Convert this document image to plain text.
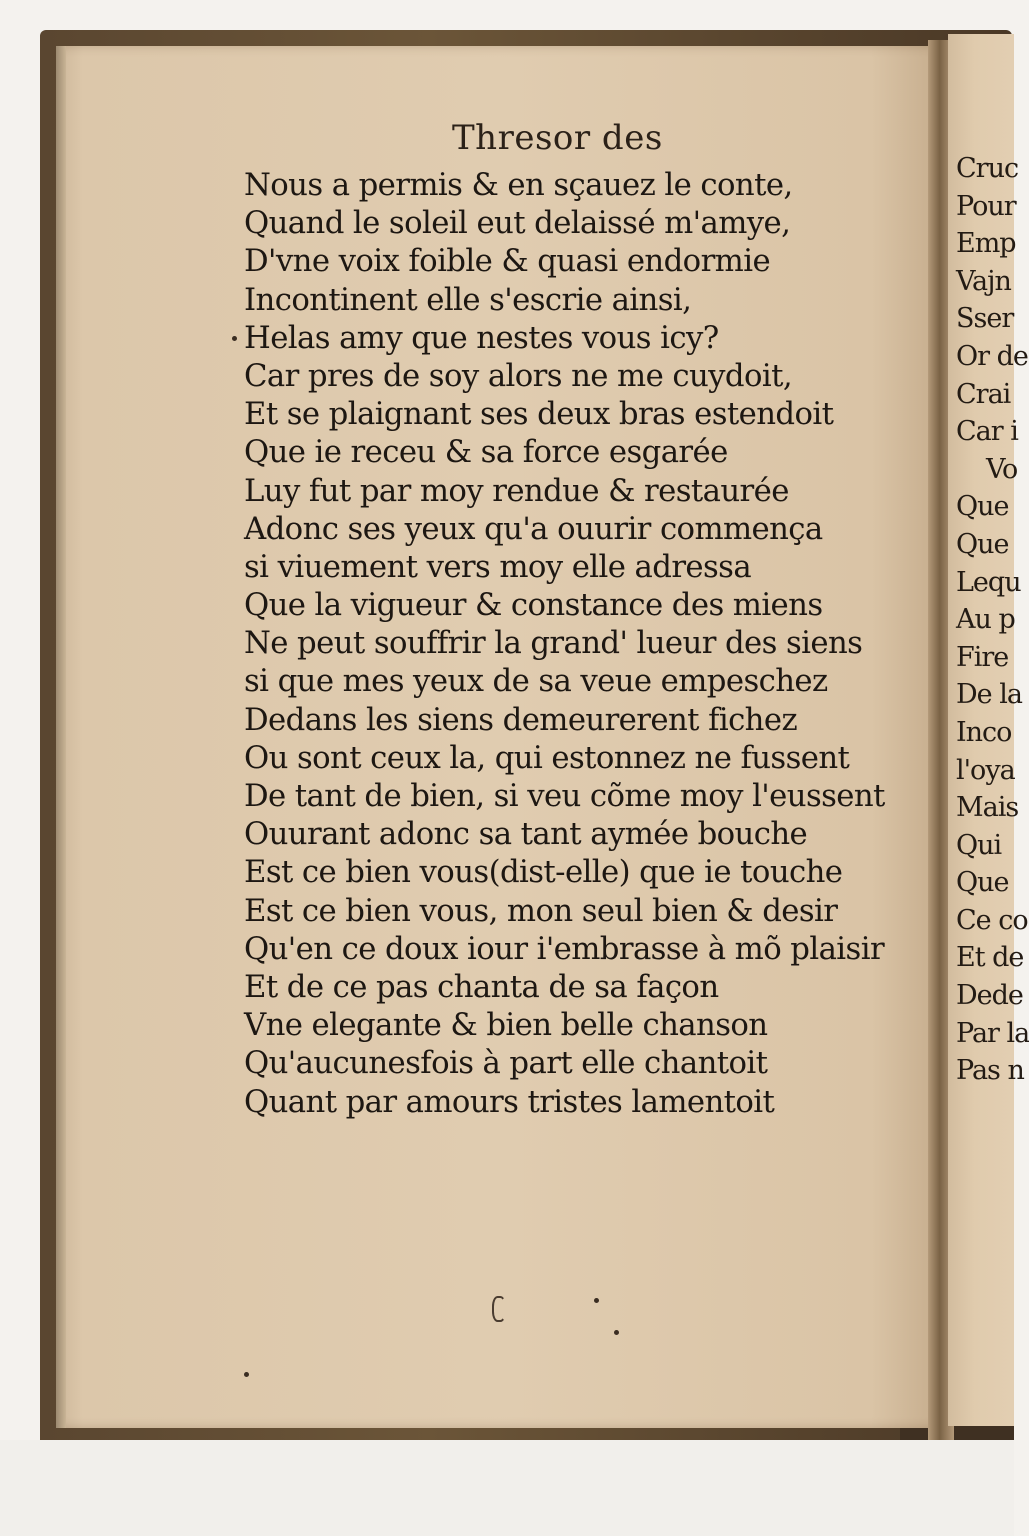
Thresor des
Nous a permis & en sçauez le conte,
Quand le soleil eut delaissé m'amye,
D'vne voix foible & quasi endormie
Incontinent elle s'escrie ainsi,
Helas amy que nestes vous icy?
Car pres de soy alors ne me cuydoit,
Et se plaignant ses deux bras estendoit
Que ie receu & sa force esgarée
Luy fut par moy rendue & restaurée
Adonc ses yeux qu'a ouurir commença
si viuement vers moy elle adressa
Que la vigueur & constance des miens
Ne peut souffrir la grand' lueur des siens
si que mes yeux de sa veue empeschez
Dedans les siens demeurerent fichez
Ou sont ceux la, qui estonnez ne fussent
De tant de bien, si veu cõme moy l'eussent
Ouurant adonc sa tant aymée bouche
Est ce bien vous(dist-elle) que ie touche
Est ce bien vous, mon seul bien & desir
Qu'en ce doux iour i'embrasse à mõ plaisir
Et de ce pas chanta de sa façon
Vne elegante & bien belle chanson
Qu'aucunesfois à part elle chantoit
Quant par amours tristes lamentoit
Cruc
Pour
Emp
Vajn
Sser
Or de
Crai
Car i
Vo
Que
Que
Lequ
Au p
Fire
De la
Inco
l'oya
Mais
Qui
Que
Ce co
Et de
Dede
Par la
Pas n
